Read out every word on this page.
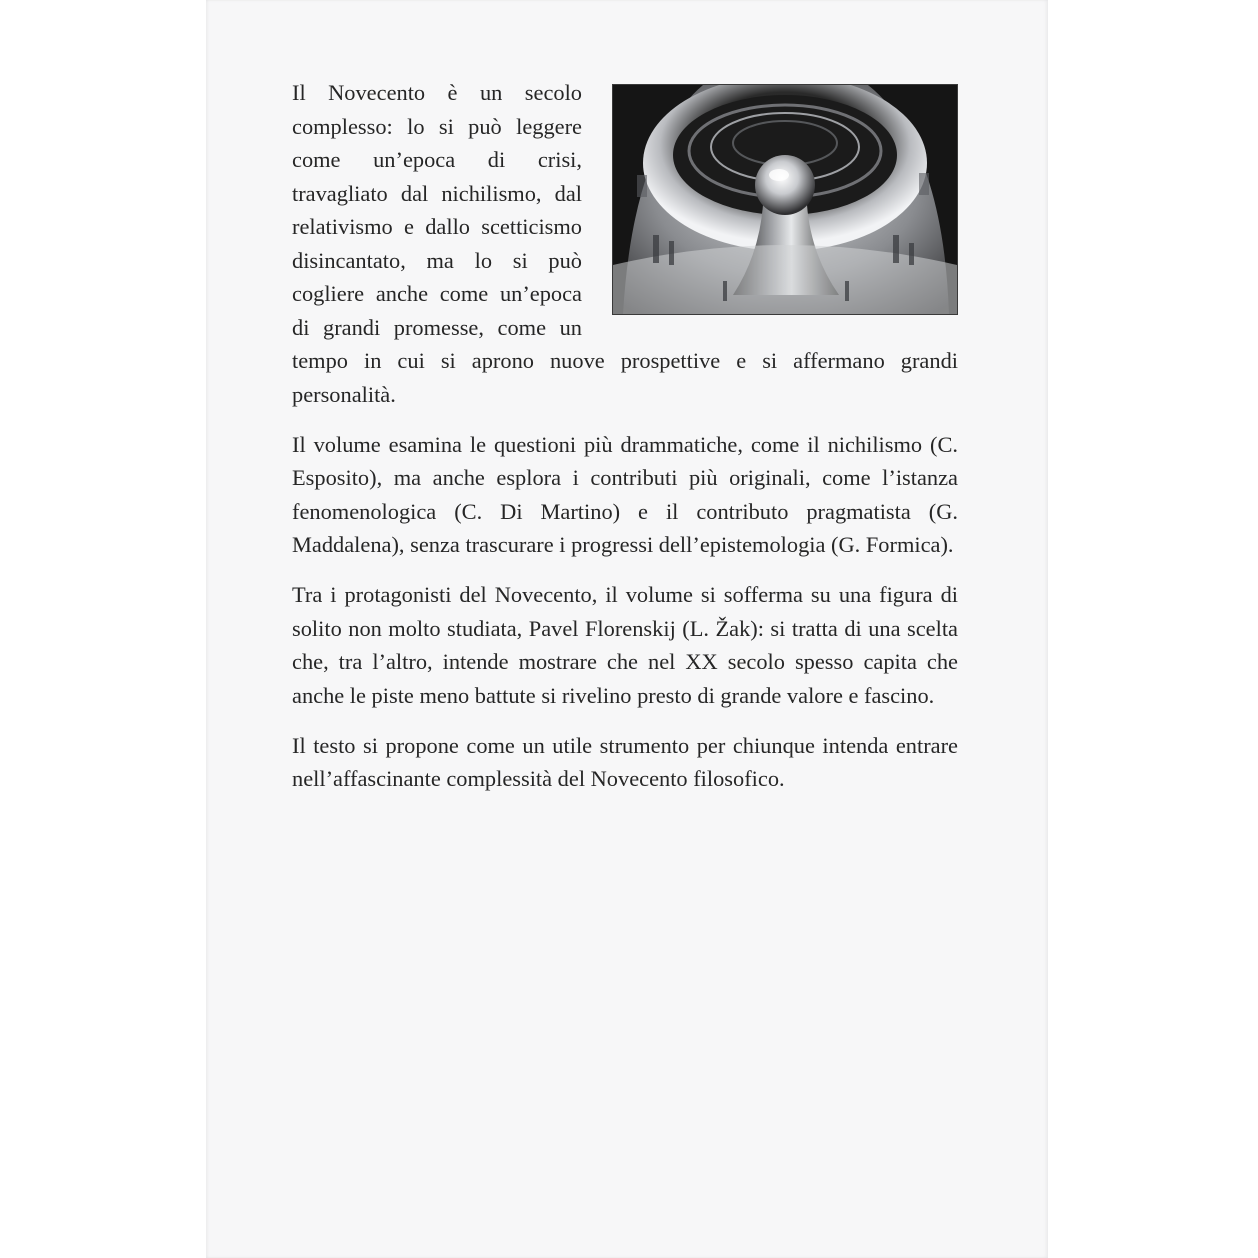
Il Novecento è un secolo complesso: lo si può leggere come un’epoca di crisi, travagliato dal nichilismo, dal relativismo e dallo scetticismo disincantato, ma lo si può cogliere anche come un’epoca di grandi promesse, come un tempo in cui si aprono nuove prospettive e si affermano grandi personalità.

Il volume esamina le questioni più drammatiche, come il nichilismo (C. Esposito), ma anche esplora i contributi più originali, come l’istanza fenomenologica (C. Di Martino) e il contributo pragmatista (G. Maddalena), senza trascurare i progressi dell’epistemologia (G. Formica).

Tra i protagonisti del Novecento, il volume si sofferma su una figura di solito non molto studiata, Pavel Florenskij (L. Žak): si tratta di una scelta che, tra l’altro, intende mostrare che nel XX secolo spesso capita che anche le piste meno battute si rivelino presto di grande valore e fascino.

Il testo si propone come un utile strumento per chiunque intenda entrare nell’affascinante complessità del Novecento filosofico.
